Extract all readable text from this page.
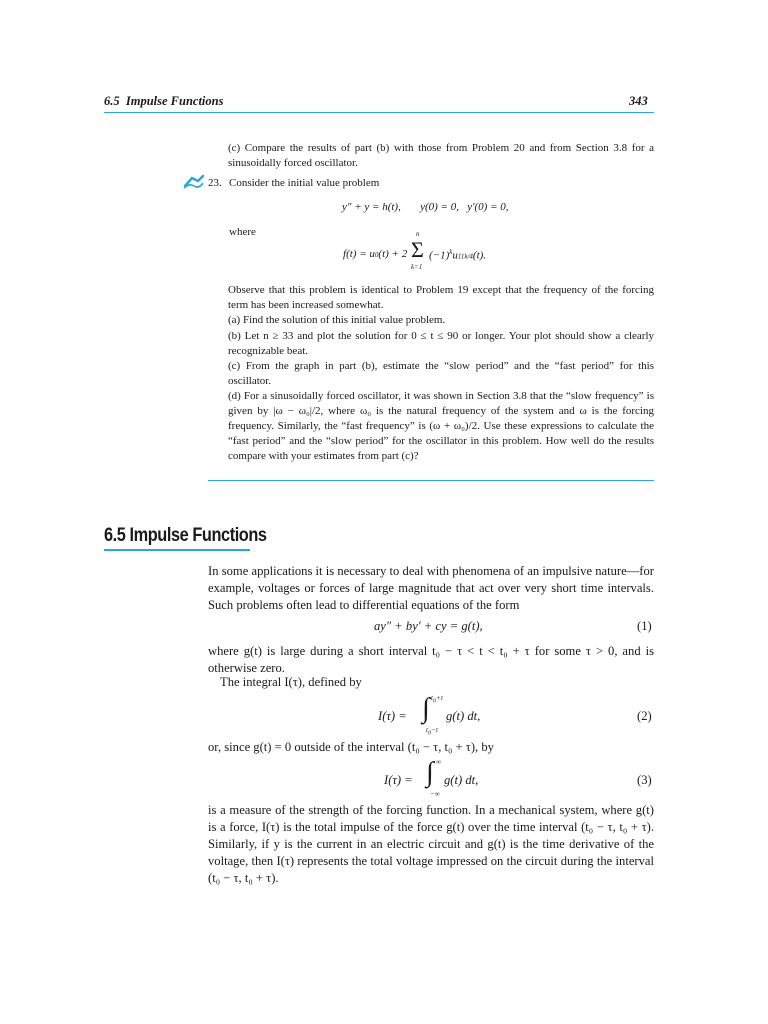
6.5  Impulse Functions	343

(c) Compare the results of part (b) with those from Problem 20 and from Section 3.8 for a sinusoidally forced oscillator.

23. Consider the initial value problem
y″ + y = h(t),       y(0) = 0,   y′(0) = 0,
where
f(t) = u0(t) + 2
n
Σ
k=1
$(-1)^ku11k/4(t)$.

Observe that this problem is identical to Problem 19 except that the frequency of the forcing term has been increased somewhat.

(a) Find the solution of this initial value problem.

(b) Let n ≥ 33 and plot the solution for 0 ≤ t ≤ 90 or longer. Your plot should show a clearly recognizable beat.

(c) From the graph in part (b), estimate the “slow period” and the “fast period” for this oscillator.

(d) For a sinusoidally forced oscillator, it was shown in Section 3.8 that the “slow frequency” is given by |ω − ω₀|/2, where ω₀ is the natural frequency of the system and ω is the forcing frequency. Similarly, the “fast frequency” is (ω + ω₀)/2. Use these expressions to calculate the “fast period” and the “slow period” for the oscillator in this problem. How well do the results compare with your estimates from part (c)?

6.5 Impulse Functions

In some applications it is necessary to deal with phenomena of an impulsive nature—for example, voltages or forces of large magnitude that act over very short time intervals. Such problems often lead to differential equations of the form

ay″ + by′ + cy = g(t),	(1)

where g(t) is large during a short interval t₀ − τ < t < t₀ + τ for some τ > 0, and is otherwise zero.

The integral I(τ), defined by

I(τ) = ∫ $t_0+\tau$
$t_0-\tau$
g(t) dt,	(2)

or, since g(t) = 0 outside of the interval (t₀ − τ, t₀ + τ), by

I(τ) = ∫ ∞
−∞
g(t) dt,	(3)

is a measure of the strength of the forcing function. In a mechanical system, where g(t) is a force, I(τ) is the total impulse of the force g(t) over the time interval (t₀ − τ, t₀ + τ). Similarly, if y is the current in an electric circuit and g(t) is the time derivative of the voltage, then I(τ) represents the total voltage impressed on the circuit during the interval (t₀ − τ, t₀ + τ).
